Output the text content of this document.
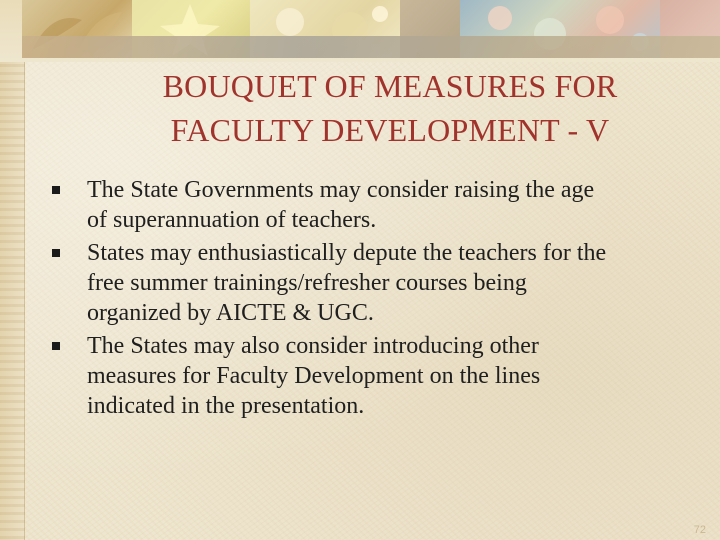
BOUQUET OF MEASURES FOR
FACULTY DEVELOPMENT - V
The State Governments may consider raising the age
of superannuation of teachers.
States may enthusiastically depute the teachers for the
free summer trainings/refresher courses being
organized by AICTE & UGC.
The States may also consider introducing other
measures for Faculty Development on the lines
indicated in the presentation.
72
